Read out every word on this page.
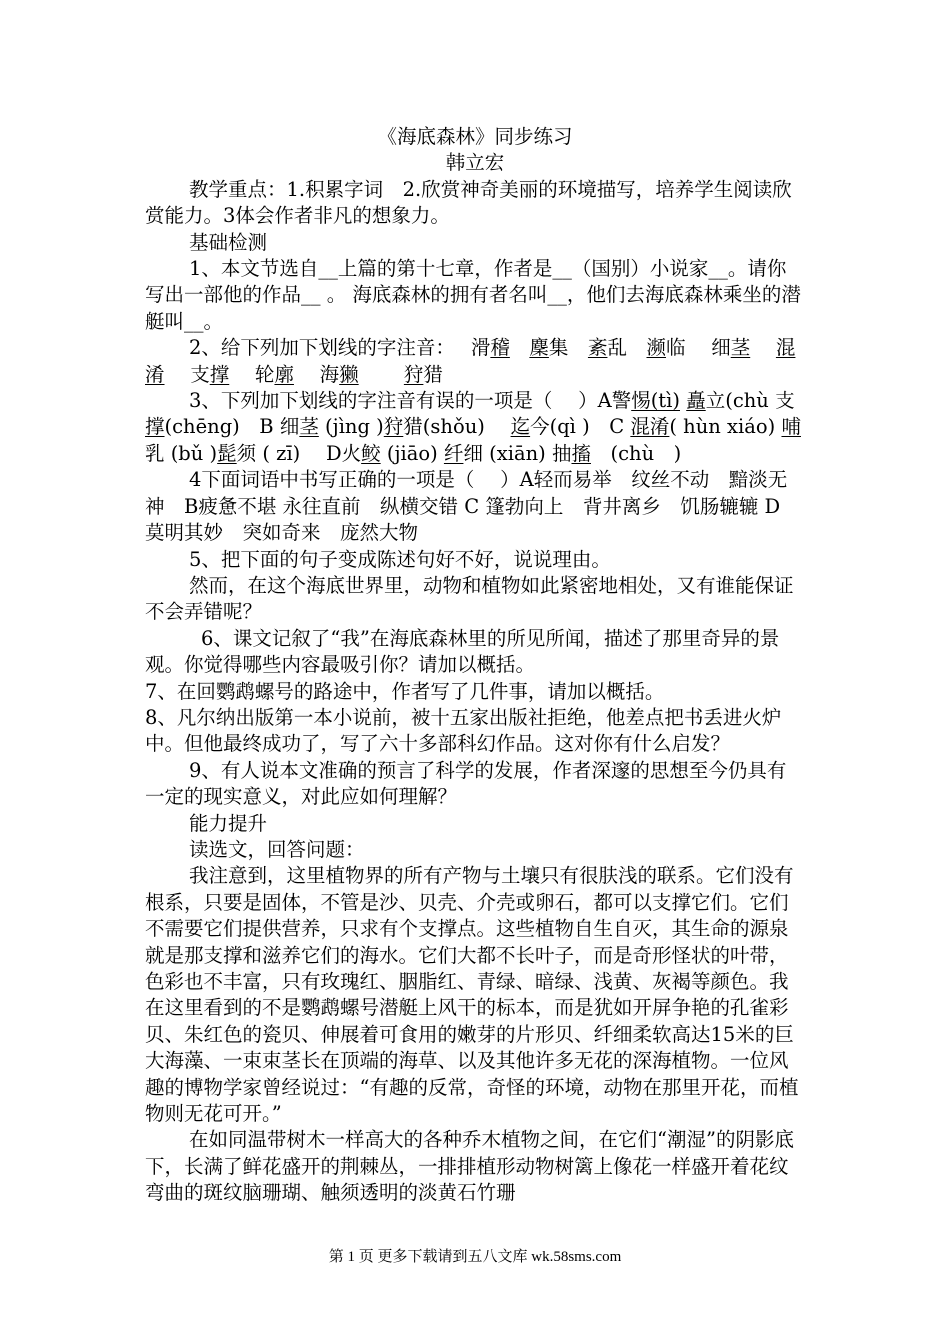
《海底森林》同步练习
韩立宏
教学重点：1.积累字词　2.欣赏神奇美丽的环境描写，培养学生阅读欣赏能力。3体会作者非凡的想象力。
基础检测
1、本文节选自__上篇的第十七章，作者是__（国别）小说家__。请你写出一部他的作品__ 。 海底森林的拥有者名叫__，他们去海底森林乘坐的潜艇叫__。
2、给下列加下划线的字注音：　 滑稽　 麇集　 紊乱　 濒临　 细茎　 混淆　 支撑　 轮廓　 海獭　　 狩猎
3、下列加下划线的字注音有误的一项是（　 ）A警惕(tì) 矗立(chù 支撑(chēng)　B 细茎 (jìng )狩猎(shǒu)　 迄今(qì )　C 混淆( hùn xiáo) 哺乳 (bǔ )髭须 ( zī)　 D火鲛 (jiāo) 纤细 (xiān) 抽搐　(chù　)
4下面词语中书写正确的一项是（　 ）A轻而易举　纹丝不动　黯淡无神　B疲惫不堪 永往直前　纵横交错 C 篷勃向上　背井离乡　饥肠辘辘 D 莫明其妙　突如奇来　庞然大物
5、把下面的句子变成陈述句好不好，说说理由。
然而，在这个海底世界里，动物和植物如此紧密地相处，又有谁能保证不会弄错呢？
6、课文记叙了“我”在海底森林里的所见所闻，描述了那里奇异的景观。你觉得哪些内容最吸引你？请加以概括。
7、在回鹦鹉螺号的路途中，作者写了几件事，请加以概括。
8、凡尔纳出版第一本小说前，被十五家出版社拒绝，他差点把书丢进火炉中。但他最终成功了，写了六十多部科幻作品。这对你有什么启发？
9、有人说本文准确的预言了科学的发展，作者深邃的思想至今仍具有一定的现实意义，对此应如何理解？
能力提升
读选文，回答问题：
我注意到，这里植物界的所有产物与土壤只有很肤浅的联系。它们没有根系，只要是固体，不管是沙、贝壳、介壳或卵石，都可以支撑它们。它们不需要它们提供营养，只求有个支撑点。这些植物自生自灭，其生命的源泉就是那支撑和滋养它们的海水。它们大都不长叶子，而是奇形怪状的叶带，色彩也不丰富，只有玫瑰红、胭脂红、青绿、暗绿、浅黄、灰褐等颜色。我在这里看到的不是鹦鹉螺号潜艇上风干的标本，而是犹如开屏争艳的孔雀彩贝、朱红色的瓷贝、伸展着可食用的嫩芽的片形贝、纤细柔软高达15米的巨大海藻、一束束茎长在顶端的海草、以及其他许多无花的深海植物。一位风趣的博物学家曾经说过：“有趣的反常，奇怪的环境，动物在那里开花，而植物则无花可开。”
在如同温带树木一样高大的各种乔木植物之间，在它们“潮湿”的阴影底下，长满了鲜花盛开的荆棘丛，一排排植形动物树篱上像花一样盛开着花纹弯曲的斑纹脑珊瑚、触须透明的淡黄石竹珊
第 1 页 更多下载请到五八文库 wk.58sms.com
